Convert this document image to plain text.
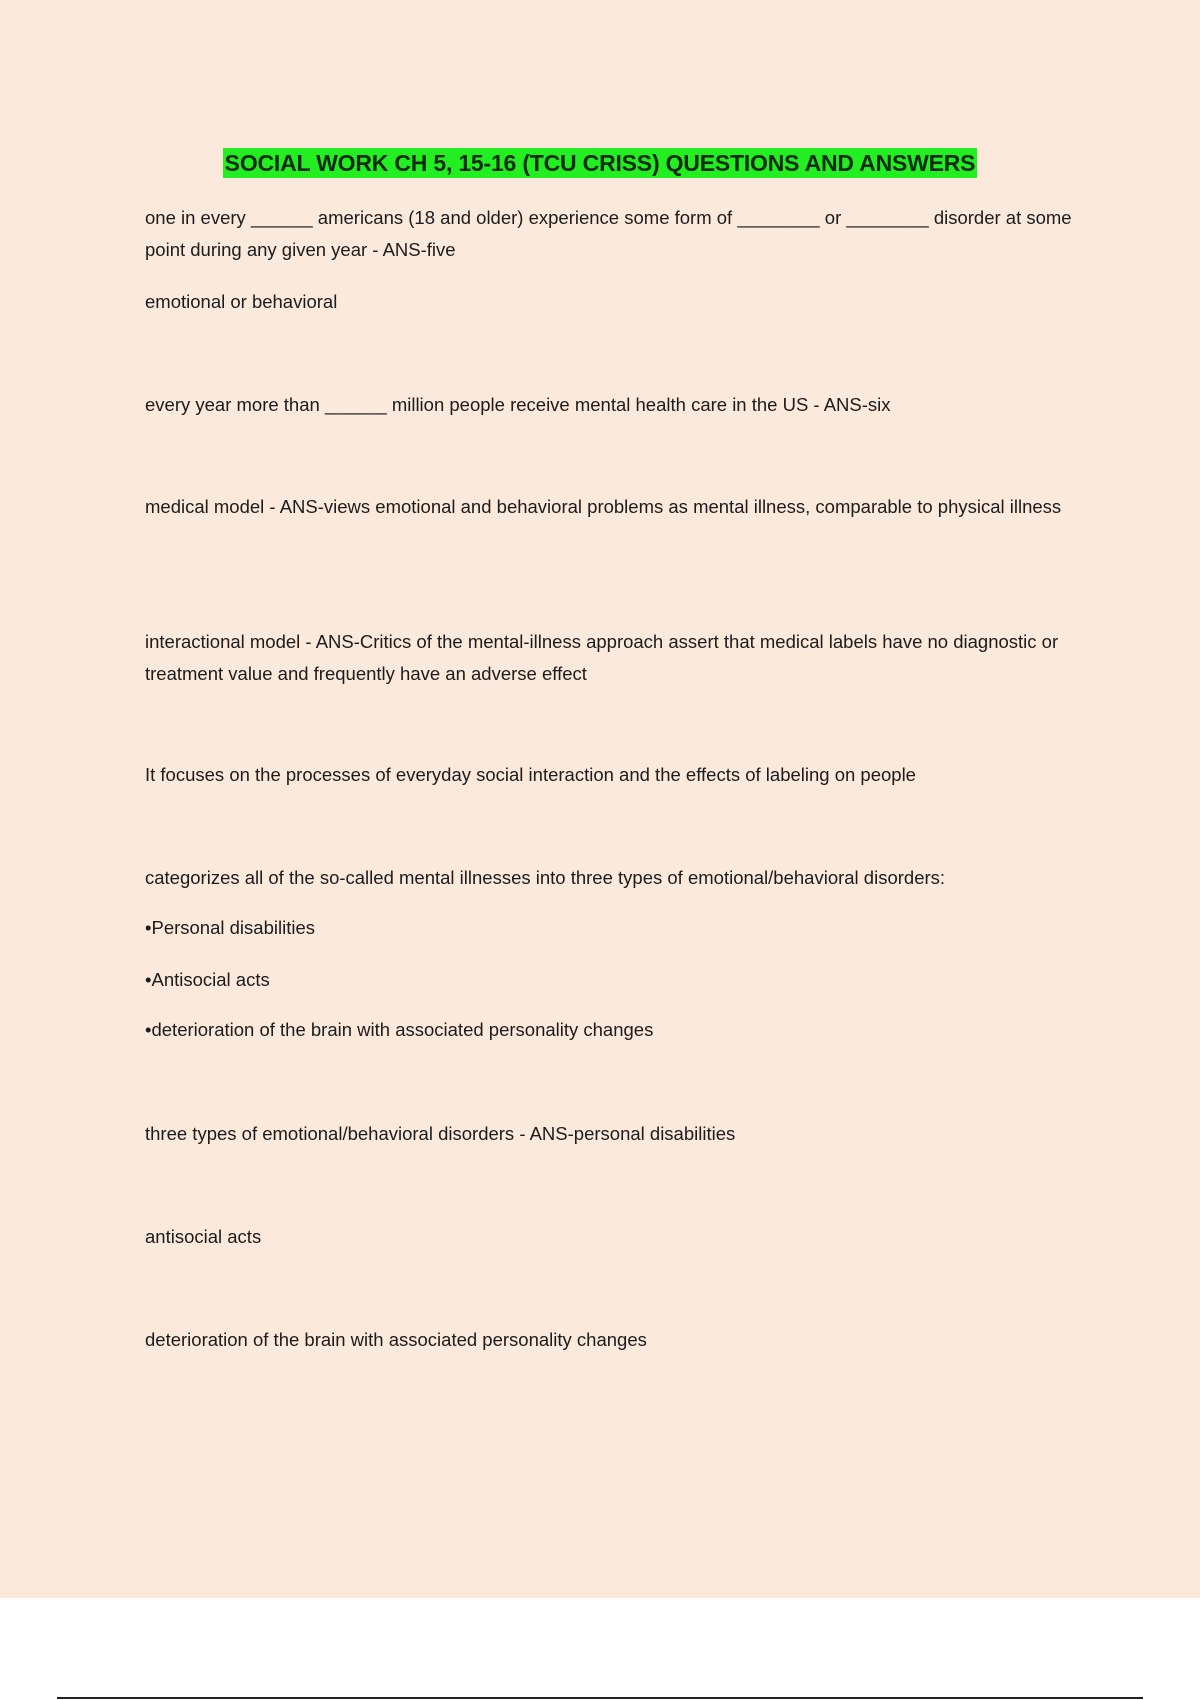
SOCIAL WORK CH 5, 15-16 (TCU CRISS) QUESTIONS AND ANSWERS

one in every ______ americans (18 and older) experience some form of ________ or ________ disorder at some point during any given year - ANS-five

emotional or behavioral

every year more than ______ million people receive mental health care in the US - ANS-six

medical model - ANS-views emotional and behavioral problems as mental illness, comparable to physical illness

interactional model - ANS-Critics of the mental-illness approach assert that medical labels have no diagnostic or treatment value and frequently have an adverse effect

It focuses on the processes of everyday social interaction and the effects of labeling on people

categorizes all of the so-called mental illnesses into three types of emotional/behavioral disorders:

•Personal disabilities

•Antisocial acts

•deterioration of the brain with associated personality changes

three types of emotional/behavioral disorders - ANS-personal disabilities

antisocial acts

deterioration of the brain with associated personality changes
